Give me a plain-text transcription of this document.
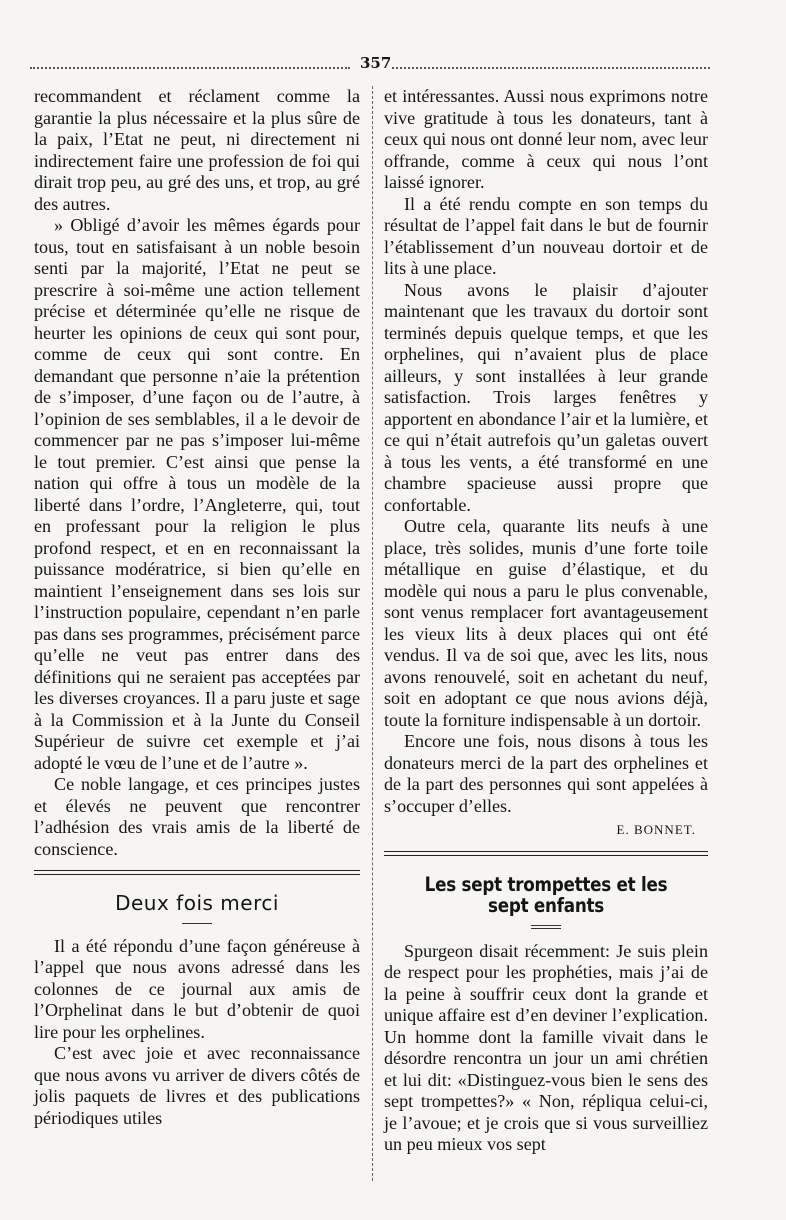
357

recommandent et réclament comme la garantie la plus nécessaire et la plus sûre de la paix, l’Etat ne peut, ni directement ni indirectement faire une profession de foi qui dirait trop peu, au gré des uns, et trop, au gré des autres.

» Obligé d’avoir les mêmes égards pour tous, tout en satisfaisant à un noble besoin senti par la majorité, l’Etat ne peut se prescrire à soi-même une action tellement précise et déterminée qu’elle ne risque de heurter les opinions de ceux qui sont pour, comme de ceux qui sont contre. En demandant que personne n’aie la prétention de s’imposer, d’une façon ou de l’autre, à l’opinion de ses semblables, il a le devoir de commencer par ne pas s’imposer lui-même le tout premier. C’est ainsi que pense la nation qui offre à tous un modèle de la liberté dans l’ordre, l’Angleterre, qui, tout en professant pour la religion le plus profond respect, et en en reconnaissant la puissance modératrice, si bien qu’elle en maintient l’enseignement dans ses lois sur l’instruction populaire, cependant n’en parle pas dans ses programmes, précisément parce qu’elle ne veut pas entrer dans des définitions qui ne seraient pas acceptées par les diverses croyances. Il a paru juste et sage à la Commission et à la Junte du Conseil Supérieur de suivre cet exemple et j’ai adopté le vœu de l’une et de l’autre ».

Ce noble langage, et ces principes justes et élevés ne peuvent que rencontrer l’adhésion des vrais amis de la liberté de conscience.

Deux fois merci

Il a été répondu d’une façon généreuse à l’appel que nous avons adressé dans les colonnes de ce journal aux amis de l’Orphelinat dans le but d’obtenir de quoi lire pour les orphelines.

C’est avec joie et avec reconnaissance que nous avons vu arriver de divers côtés de jolis paquets de livres et des publications périodiques utiles

et intéressantes. Aussi nous exprimons notre vive gratitude à tous les donateurs, tant à ceux qui nous ont donné leur nom, avec leur offrande, comme à ceux qui nous l’ont laissé ignorer.

Il a été rendu compte en son temps du résultat de l’appel fait dans le but de fournir l’établissement d’un nouveau dortoir et de lits à une place.

Nous avons le plaisir d’ajouter maintenant que les travaux du dortoir sont terminés depuis quelque temps, et que les orphelines, qui n’avaient plus de place ailleurs, y sont installées à leur grande satisfaction. Trois larges fenêtres y apportent en abondance l’air et la lumière, et ce qui n’était autrefois qu’un galetas ouvert à tous les vents, a été transformé en une chambre spacieuse aussi propre que confortable.

Outre cela, quarante lits neufs à une place, très solides, munis d’une forte toile métallique en guise d’élastique, et du modèle qui nous a paru le plus convenable, sont venus remplacer fort avantageusement les vieux lits à deux places qui ont été vendus. Il va de soi que, avec les lits, nous avons renouvelé, soit en achetant du neuf, soit en adoptant ce que nous avions déjà, toute la forniture indispensable à un dortoir.

Encore une fois, nous disons à tous les donateurs merci de la part des orphelines et de la part des personnes qui sont appelées à s’occuper d’elles.

E. BONNET.

Les sept trompettes et les sept enfants

Spurgeon disait récemment: Je suis plein de respect pour les prophéties, mais j’ai de la peine à souffrir ceux dont la grande et unique affaire est d’en deviner l’explication. Un homme dont la famille vivait dans le désordre rencontra un jour un ami chrétien et lui dit: «Distinguez-vous bien le sens des sept trompettes?» « Non, répliqua celui-ci, je l’avoue; et je crois que si vous surveilliez un peu mieux vos sept
